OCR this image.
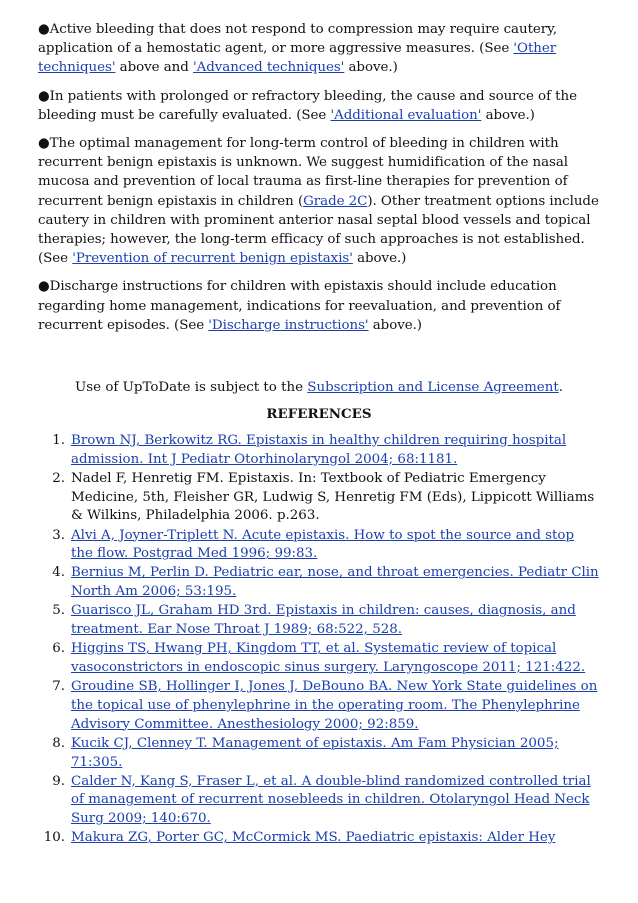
●Active bleeding that does not respond to compression may require cautery, application of a hemostatic agent, or more aggressive measures. (See 'Other techniques' above and 'Advanced techniques' above.)

●In patients with prolonged or refractory bleeding, the cause and source of the bleeding must be carefully evaluated. (See 'Additional evaluation' above.)

●The optimal management for long-term control of bleeding in children with recurrent benign epistaxis is unknown. We suggest humidification of the nasal mucosa and prevention of local trauma as first-line therapies for prevention of recurrent benign epistaxis in children (Grade 2C). Other treatment options include cautery in children with prominent anterior nasal septal blood vessels and topical therapies; however, the long-term efficacy of such approaches is not established. (See 'Prevention of recurrent benign epistaxis' above.)

●Discharge instructions for children with epistaxis should include education regarding home management, indications for reevaluation, and prevention of recurrent episodes. (See 'Discharge instructions' above.)

Use of UpToDate is subject to the Subscription and License Agreement.

REFERENCES
1. Brown NJ, Berkowitz RG. Epistaxis in healthy children requiring hospital admission. Int J Pediatr Otorhinolaryngol 2004; 68:1181.
2. Nadel F, Henretig FM. Epistaxis. In: Textbook of Pediatric Emergency Medicine, 5th, Fleisher GR, Ludwig S, Henretig FM (Eds), Lippicott Williams & Wilkins, Philadelphia 2006. p.263.
3. Alvi A, Joyner-Triplett N. Acute epistaxis. How to spot the source and stop the flow. Postgrad Med 1996; 99:83.
4. Bernius M, Perlin D. Pediatric ear, nose, and throat emergencies. Pediatr Clin North Am 2006; 53:195.
5. Guarisco JL, Graham HD 3rd. Epistaxis in children: causes, diagnosis, and treatment. Ear Nose Throat J 1989; 68:522, 528.
6. Higgins TS, Hwang PH, Kingdom TT, et al. Systematic review of topical vasoconstrictors in endoscopic sinus surgery. Laryngoscope 2011; 121:422.
7. Groudine SB, Hollinger I, Jones J, DeBouno BA. New York State guidelines on the topical use of phenylephrine in the operating room. The Phenylephrine Advisory Committee. Anesthesiology 2000; 92:859.
8. Kucik CJ, Clenney T. Management of epistaxis. Am Fam Physician 2005; 71:305.
9. Calder N, Kang S, Fraser L, et al. A double-blind randomized controlled trial of management of recurrent nosebleeds in children. Otolaryngol Head Neck Surg 2009; 140:670.
10. Makura ZG, Porter GC, McCormick MS. Paediatric epistaxis: Alder Hey
